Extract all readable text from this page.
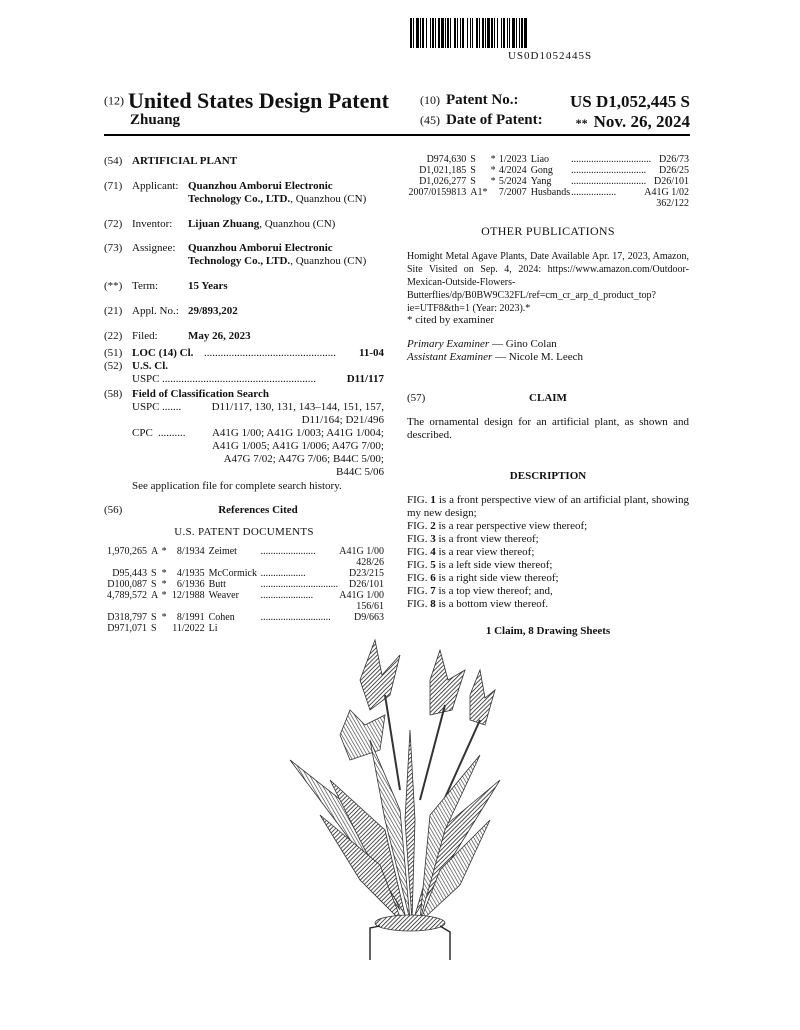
US0D1052445S
(12) United States Design Patent
Zhuang
(10) Patent No.:	US D1,052,445 S
(45) Date of Patent:	** Nov. 26, 2024
(54) ARTIFICIAL PLANT
(71) Applicant: Quanzhou Amborui Electronic Technology Co., LTD., Quanzhou (CN)
(72) Inventor: Lijuan Zhuang, Quanzhou (CN)
(73) Assignee: Quanzhou Amborui Electronic Technology Co., LTD., Quanzhou (CN)
(**) Term:	15 Years
(21) Appl. No.: 29/893,202
(22) Filed:	May 26, 2023
(51) LOC (14) Cl. ................................................	11-04
(52) U.S. Cl.
USPC ........................................................	D11/117
(58) Field of Classification Search
USPC .......	D11/117, 130, 131, 143–144, 151, 157,
D11/164; D21/496
CPC .......... A41G 1/00; A41G 1/003; A41G 1/004;
A41G 1/005; A41G 1/006; A47G 7/00;
A47G 7/02; A47G 7/06; B44C 5/00;
B44C 5/06
See application file for complete search history.
(56)	References Cited
U.S. PATENT DOCUMENTS
1,970,265	A	*	8/1934	Zeimet	......................	A41G 1/00
428/26						
D95,443	S	*	4/1935	McCormick	..................	D23/215
D100,087	S	*	6/1936	Butt	...............................	D26/101
4,789,572	A	*	12/1988	Weaver	.....................	A41G 1/00
156/61						
D318,797	S	*	8/1991	Cohen	............................	D9/663
D971,071	S		11/2022	Li		
D974,630	S	*	1/2023	Liao	................................	D26/73
D1,021,185	S	*	4/2024	Gong	..............................	D26/25
D1,026,277	S	*	5/2024	Yang	..............................	D26/101
2007/0159813	A1*		7/2007	Husbands	..................	A41G 1/02
362/122						
OTHER PUBLICATIONS
Homight Metal Agave Plants, Date Available Apr. 17, 2023, Amazon, Site Visited on Sep. 4, 2024: https://www.amazon.com/Outdoor-Mexican-Outside-Flowers-Butterflies/dp/B0BW9C32FL/ref=cm_cr_arp_d_product_top?ie=UTF8&th=1 (Year: 2023).*
* cited by examiner
Primary Examiner — Gino Colan
Assistant Examiner — Nicole M. Leech
(57)	CLAIM
The ornamental design for an artificial plant, as shown and described.
DESCRIPTION
FIG. 1 is a front perspective view of an artificial plant, showing my new design;
FIG. 2 is a rear perspective view thereof;
FIG. 3 is a front view thereof;
FIG. 4 is a rear view thereof;
FIG. 5 is a left side view thereof;
FIG. 6 is a right side view thereof;
FIG. 7 is a top view thereof; and,
FIG. 8 is a bottom view thereof.
1 Claim, 8 Drawing Sheets
